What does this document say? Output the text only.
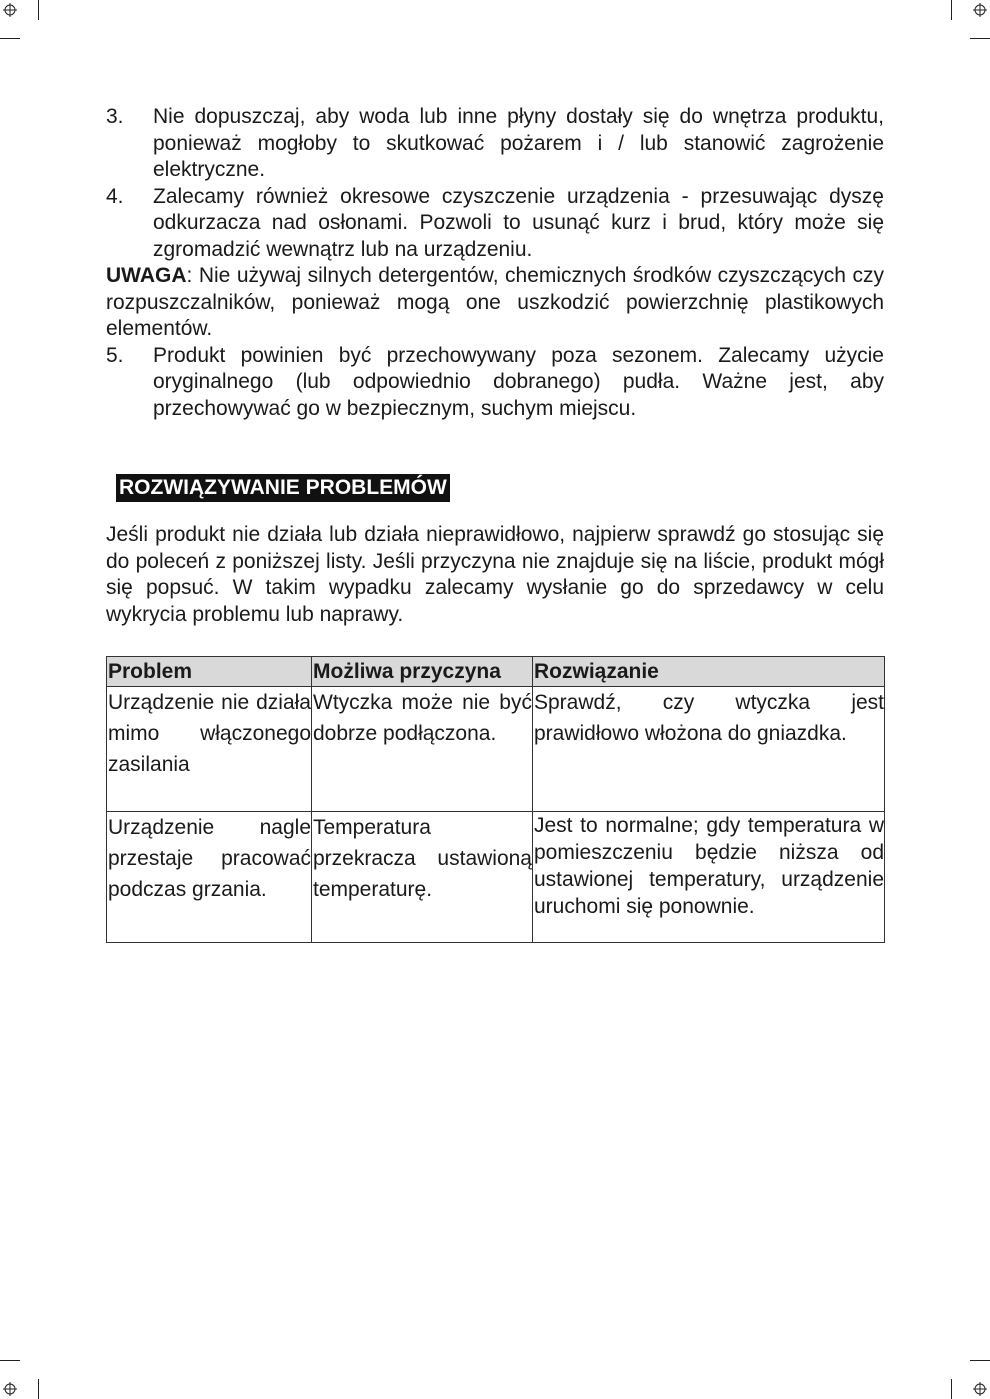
3.	Nie dopuszczaj, aby woda lub inne płyny dostały się do wnętrza produktu, ponieważ mogłoby to skutkować pożarem i / lub stanowić zagrożenie elektryczne.
4.	Zalecamy również okresowe czyszczenie urządzenia - przesuwając dyszę odkurzacza nad osłonami. Pozwoli to usunąć kurz i brud, który może się zgromadzić wewnątrz lub na urządzeniu.
UWAGA: Nie używaj silnych detergentów, chemicznych środków czyszczących czy rozpuszczalników, ponieważ mogą one uszkodzić powierzchnię plastikowych elementów.
5.	Produkt powinien być przechowywany poza sezonem. Zalecamy użycie oryginalnego (lub odpowiednio dobranego) pudła. Ważne jest, aby przechowywać go w bezpiecznym, suchym miejscu.
ROZWIĄZYWANIE PROBLEMÓW
Jeśli produkt nie działa lub działa nieprawidłowo, najpierw sprawdź go stosując się do poleceń z poniższej listy. Jeśli przyczyna nie znajduje się na liście, produkt mógł się popsuć. W takim wypadku zalecamy wysłanie go do sprzedawcy w celu wykrycia problemu lub naprawy.
Problem	Możliwa przyczyna	Rozwiązanie
Urządzenie nie działa mimo włączonego zasilania	Wtyczka może nie być dobrze podłączona.	Sprawdź, czy wtyczka jest prawidłowo włożona do gniazdka.
Urządzenie nagle przestaje pracować podczas grzania.	Temperatura przekracza ustawioną temperaturę.	Jest to normalne; gdy temperatura w pomieszczeniu będzie niższa od ustawionej temperatury, urządzenie uruchomi się ponownie.
